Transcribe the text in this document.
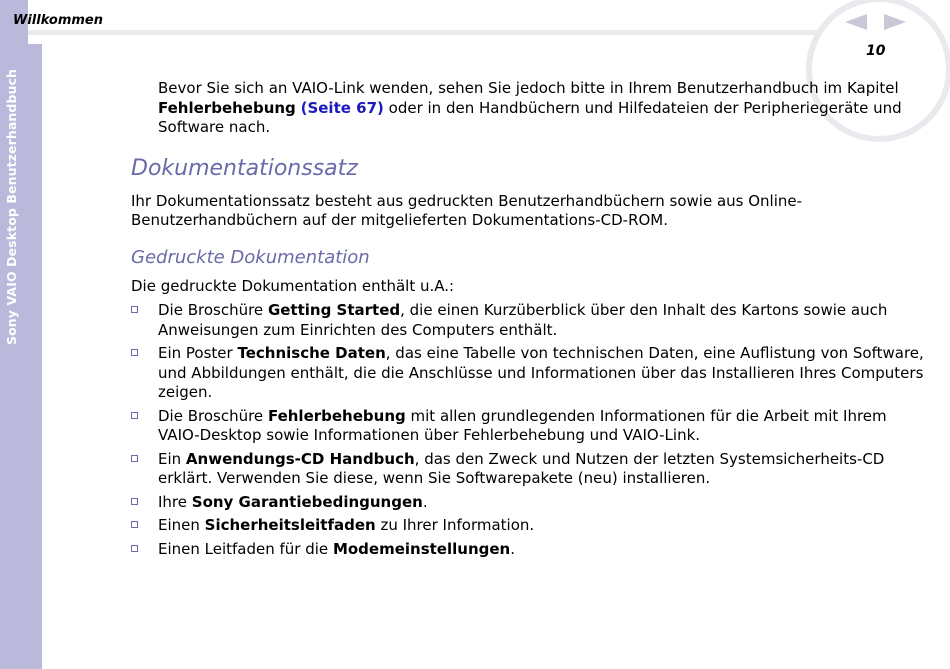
Sony VAIO Desktop Benutzerhandbuch
Willkommen
10

Bevor Sie sich an VAIO-Link wenden, sehen Sie jedoch bitte in Ihrem Benutzerhandbuch im Kapitel Fehlerbehebung (Seite 67) oder in den Handbüchern und Hilfedateien der Peripheriegeräte und Software nach.

Dokumentationssatz

Ihr Dokumentationssatz besteht aus gedruckten Benutzerhandbüchern sowie aus Online-Benutzerhandbüchern auf der mitgelieferten Dokumentations-CD-ROM.

Gedruckte Dokumentation

Die gedruckte Dokumentation enthält u.A.:

Die Broschüre Getting Started, die einen Kurzüberblick über den Inhalt des Kartons sowie auch Anweisungen zum Einrichten des Computers enthält.
Ein Poster Technische Daten, das eine Tabelle von technischen Daten, eine Auflistung von Software, und Abbildungen enthält, die die Anschlüsse und Informationen über das Installieren Ihres Computers zeigen.
Die Broschüre Fehlerbehebung mit allen grundlegenden Informationen für die Arbeit mit Ihrem VAIO-Desktop sowie Informationen über Fehlerbehebung und VAIO-Link.
Ein Anwendungs-CD Handbuch, das den Zweck und Nutzen der letzten Systemsicherheits-CD erklärt. Verwenden Sie diese, wenn Sie Softwarepakete (neu) installieren.
Ihre Sony Garantiebedingungen.
Einen Sicherheitsleitfaden zu Ihrer Information.
Einen Leitfaden für die Modemeinstellungen.
